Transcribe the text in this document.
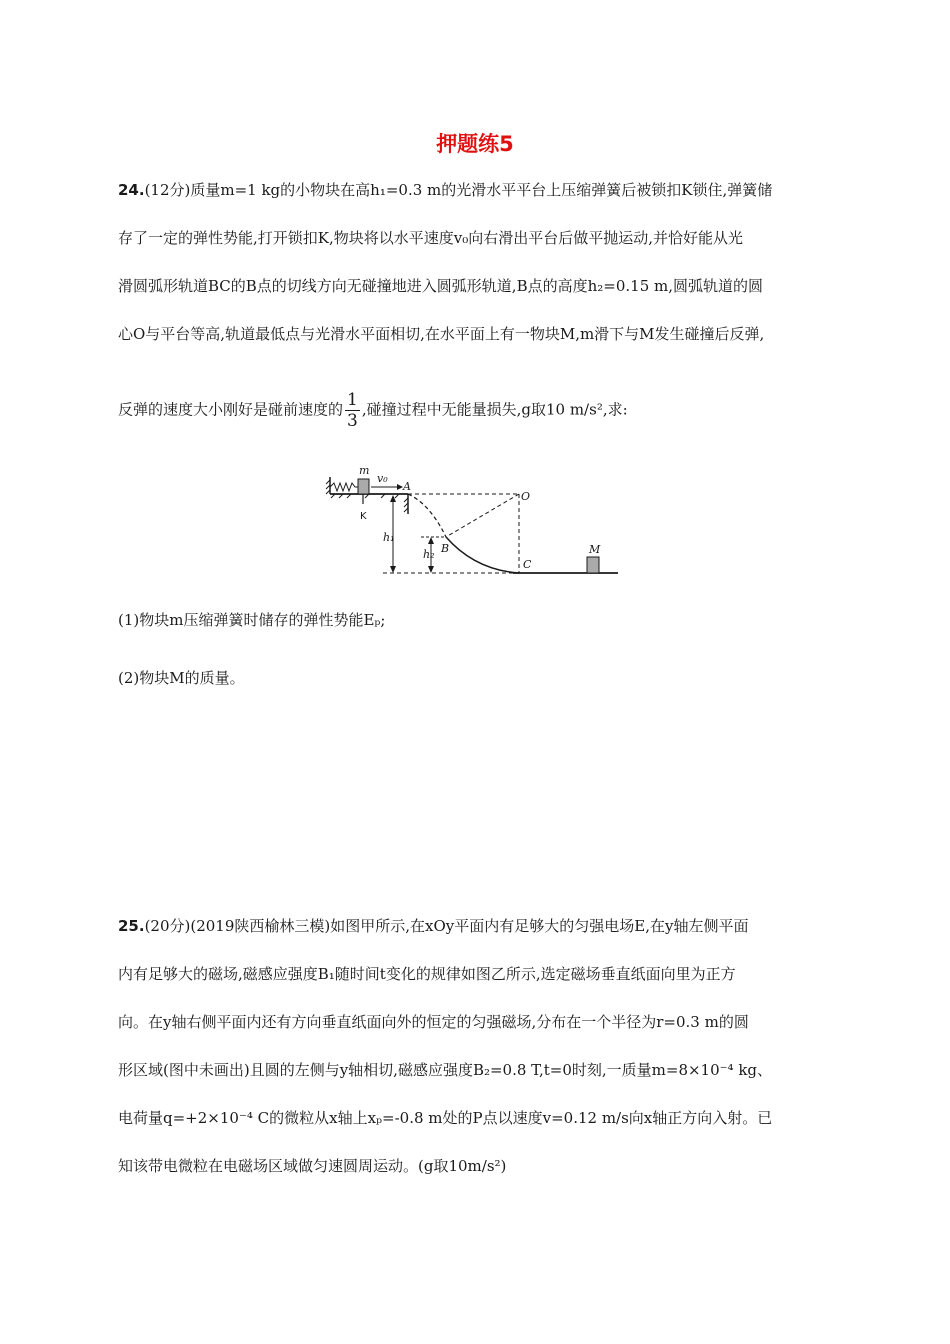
押题练5
24.(12分)质量m=1 kg的小物块在高h₁=0.3 m的光滑水平平台上压缩弹簧后被锁扣K锁住,弹簧储
存了一定的弹性势能,打开锁扣K,物块将以水平速度v₀向右滑出平台后做平抛运动,并恰好能从光
滑圆弧形轨道BC的B点的切线方向无碰撞地进入圆弧形轨道,B点的高度h₂=0.15 m,圆弧轨道的圆
心O与平台等高,轨道最低点与光滑水平面相切,在水平面上有一物块M,m滑下与M发生碰撞后反弹,
反弹的速度大小刚好是碰前速度的 $\frac{1}{3}$ ,碰撞过程中无能量损失,g取10 m/s²,求:
m
v₀
A
O
h₁
h₂ B
C
M
K
(1)物块m压缩弹簧时储存的弹性势能Eₚ;
(2)物块M的质量。
25.(20分)(2019陕西榆林三模)如图甲所示,在xOy平面内有足够大的匀强电场E,在y轴左侧平面
内有足够大的磁场,磁感应强度B₁随时间t变化的规律如图乙所示,选定磁场垂直纸面向里为正方
向。在y轴右侧平面内还有方向垂直纸面向外的恒定的匀强磁场,分布在一个半径为r=0.3 m的圆
形区域(图中未画出)且圆的左侧与y轴相切,磁感应强度B₂=0.8 T,t=0时刻,一质量m=8×10⁻⁴ kg、
电荷量q=+2×10⁻⁴ C的微粒从x轴上xₚ=-0.8 m处的P点以速度v=0.12 m/s向x轴正方向入射。已
知该带电微粒在电磁场区域做匀速圆周运动。(g取10m/s²)
